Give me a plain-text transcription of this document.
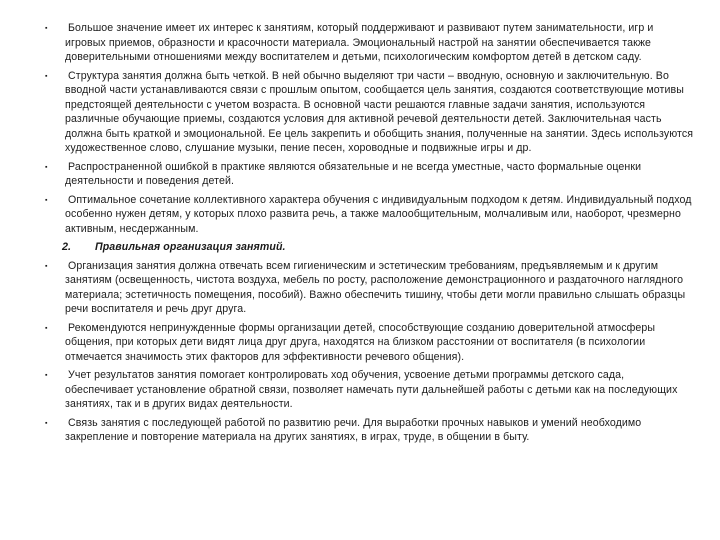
▪	Большое значение имеет их интерес к занятиям, который поддерживают и развивают путем занимательности, игр и игровых приемов, образности и красочности материала. Эмоциональный настрой на занятии обеспечивается также доверительными отношениями между воспитателем и детьми, психологическим комфортом детей в детском саду.

▪	Структура занятия должна быть четкой. В ней обычно выделяют три части – вводную, основную и заключительную. Во вводной части устанавливаются связи с прошлым опытом, сообщается цель занятия, создаются соответствующие мотивы предстоящей деятельности с учетом возраста. В основной части решаются главные задачи занятия, используются различные обучающие приемы, создаются условия для активной речевой деятельности детей. Заключительная часть должна быть краткой и эмоциональной. Ее цель закрепить и обобщить знания, полученные на занятии. Здесь используются художественное слово, слушание музыки, пение песен, хороводные и подвижные игры и др.

▪	Распространенной ошибкой в практике являются обязательные и не всегда уместные, часто формальные оценки деятельности и поведения детей.

▪	Оптимальное сочетание коллективного характера обучения с индивидуальным подходом к детям. Индивидуальный подход особенно нужен детям, у которых плохо развита речь, а также малообщительным, молчаливым или, наоборот, чрезмерно активным, несдержанным.

2.	Правильная организация занятий.

▪	Организация занятия должна отвечать всем гигиеническим и эстетическим требованиям, предъявляемым и к другим занятиям (освещенность, чистота воздуха, мебель по росту, расположение демонстрационного и раздаточного наглядного материала; эстетичность помещения, пособий). Важно обеспечить тишину, чтобы дети могли правильно слышать образцы речи воспитателя и речь друг друга.

▪	Рекомендуются непринужденные формы организации детей, способствующие созданию доверительной атмосферы общения, при которых дети видят лица друг друга, находятся на близком расстоянии от воспитателя (в психологии отмечается значимость этих факторов для эффективности речевого общения).

▪	Учет результатов занятия помогает контролировать ход обучения, усвоение детьми программы детского сада, обеспечивает установление обратной связи, позволяет намечать пути дальнейшей работы с детьми как на последующих занятиях, так и в других видах деятельности.

▪	Связь занятия с последующей работой по развитию речи. Для выработки прочных навыков и умений необходимо закрепление и повторение материала на других занятиях, в играх, труде, в общении в быту.
